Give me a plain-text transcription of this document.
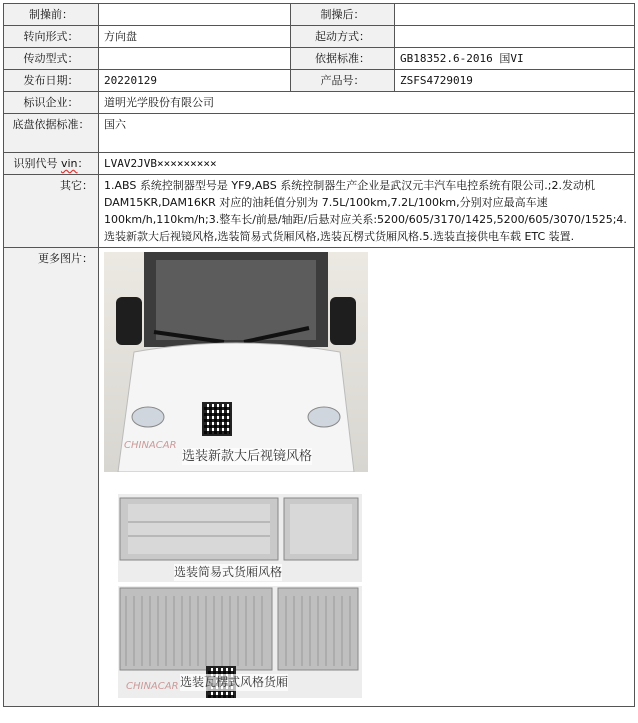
制操前：		制操后：	
转向形式：	方向盘	起动方式：	
传动型式：		依据标准：	GB18352.6-2016 国VI
发布日期：	20220129	产品号：	ZSFS4729019
标识企业：	道明光学股份有限公司		
底盘依据标准：	国六		
识别代号 vin：	LVAV2JVB×××××××××		
其它：	1.ABS 系统控制器型号是 YF9,ABS 系统控制器生产企业是武汉元丰汽车电控系统有限公司.;2.发动机 DAM15KR,DAM16KR 对应的油耗值分别为 7.5L/100km,7.2L/100km,分别对应最高车速 100km/h,110km/h;3.整车长/前悬/轴距/后悬对应关系:5200/605/3170/1425,5200/605/3070/1525;4.选装新款大后视镜风格,选装简易式货厢风格,选装瓦楞式货厢风格.5.选装直接供电车载 ETC 装置.		
更多图片：	CHINACAR
选装新款大后视镜风格
选装简易式货厢风格
CHINACAR 选装瓦楞式风格货厢		
